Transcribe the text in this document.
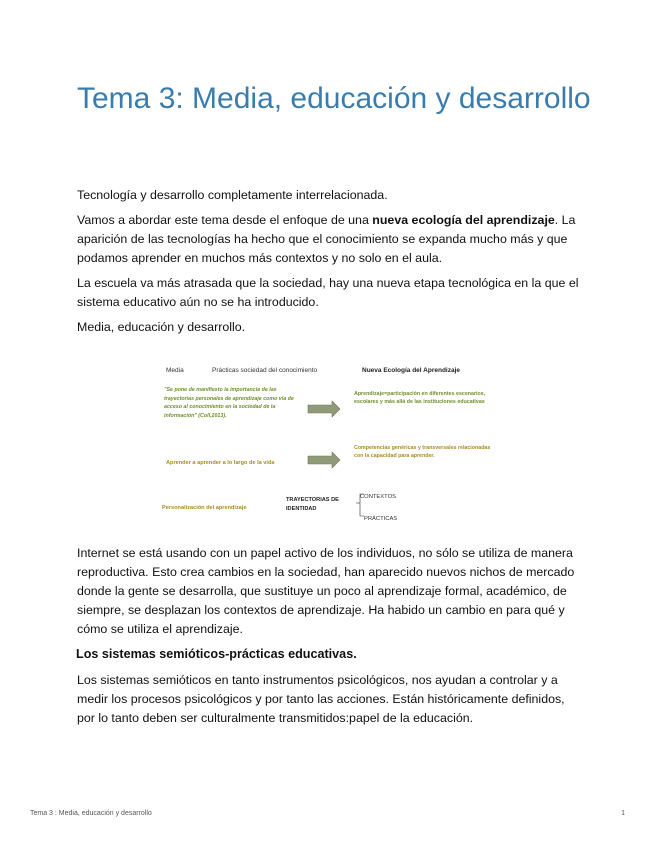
Tema 3: Media, educación y desarrollo

Tecnología y desarrollo completamente interrelacionada.

Vamos a abordar este tema desde el enfoque de una nueva ecología del aprendizaje. La aparición de las tecnologías ha hecho que el conocimiento se expanda mucho más y que podamos aprender en muchos más contextos y no solo en el aula.

La escuela va más atrasada que la sociedad, hay una nueva etapa tecnológica en la que el sistema educativo aún no se ha introducido.

Media, educación y desarrollo.

Media	Prácticas sociedad del conocimiento	Nueva Ecología del Aprendizaje
"Se pone de manifiesto la importancia de las trayectorias personales de aprendizaje como vía de acceso al conocimiento en la sociedad de la información" (Coll,2013).
Aprendizaje=participación en diferentes escenarios, escolares y más allá de las instituciones educativas
Aprender a aprender a lo largo de la vida
Competencias genéricas y transversales relacionadas con la capacidad para aprender.
Personalización del aprendizaje
TRAYECTORIAS DE IDENTIDAD
CONTEXTOS
PRÁCTICAS

Internet se está usando con un papel activo de los individuos, no sólo se utiliza de manera reproductiva. Esto crea cambios en la sociedad, han aparecido nuevos nichos de mercado donde la gente se desarrolla, que sustituye un poco al aprendizaje formal, académico, de siempre, se desplazan los contextos de aprendizaje. Ha habido un cambio en para qué y cómo se utiliza el aprendizaje.

Los sistemas semióticos-prácticas educativas.

Los sistemas semióticos en tanto instrumentos psicológicos, nos ayudan a controlar y a medir los procesos psicológicos y por tanto las acciones. Están históricamente definidos, por lo tanto deben ser culturalmente transmitidos:papel de la educación.

Tema 3 : Media, educación y desarrollo	1
